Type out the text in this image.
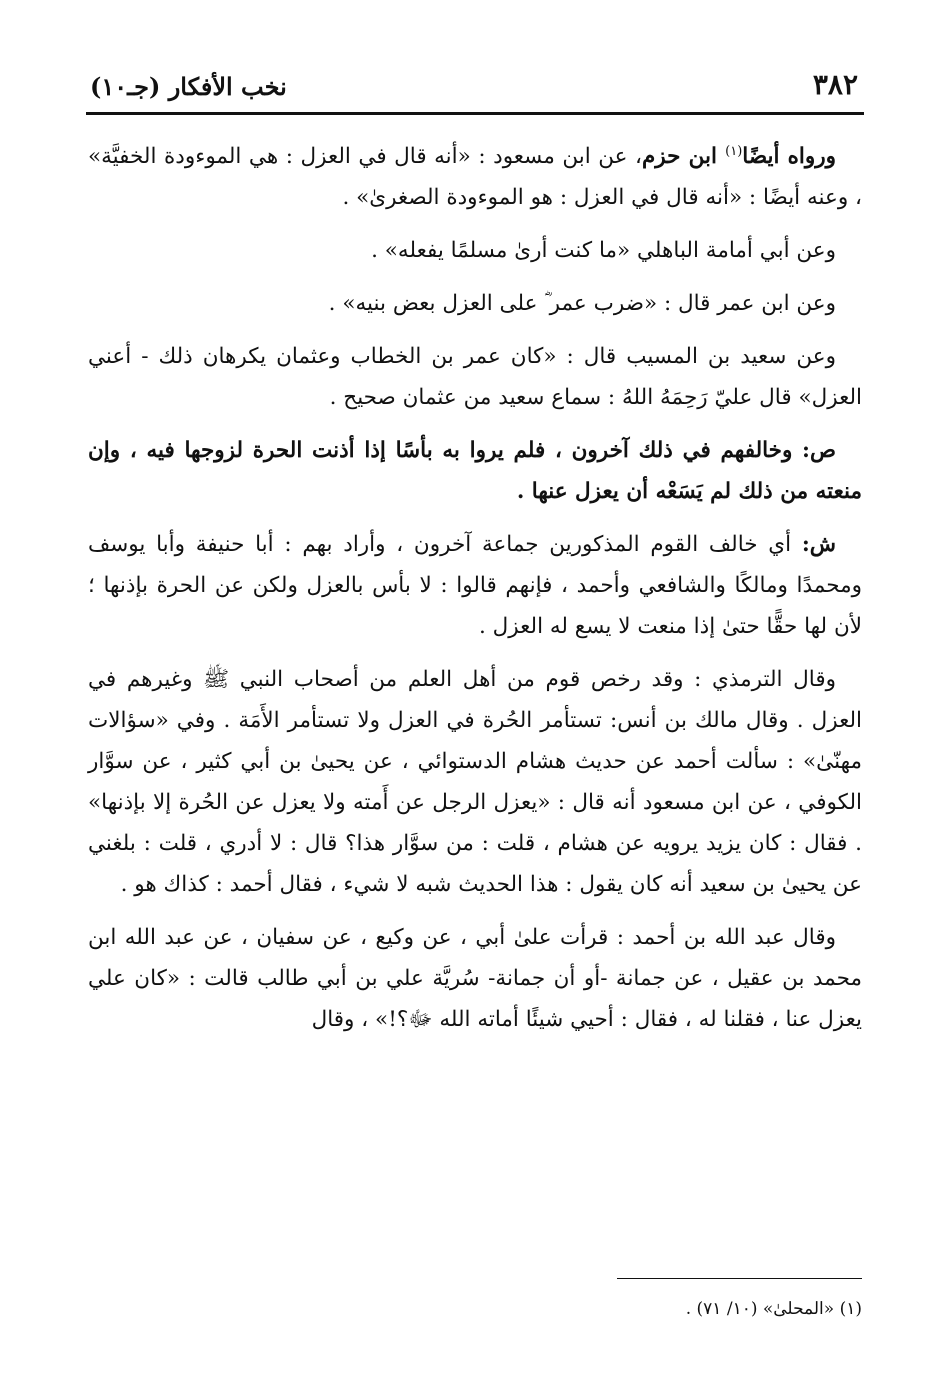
٣٨٢
نخب الأفكار (جـ١٠)

ورواه أيضًا$^{(١)}$ ابن حزم، عن ابن مسعود : «أنه قال في العزل : هي الموءودة الخفيَّة» ، وعنه أيضًا : «أنه قال في العزل : هو الموءودة الصغرىٰ» .

وعن أبي أمامة الباهلي «ما كنت أرىٰ مسلمًا يفعله» .

وعن ابن عمر قال : «ضرب عمر ؓ على العزل بعض بنيه» .

وعن سعيد بن المسيب قال : «كان عمر بن الخطاب وعثمان يكرهان ذلك - أعني العزل» قال عليّ رَحِمَهُ اللهُ : سماع سعيد من عثمان صحيح .

ص: وخالفهم في ذلك آخرون ، فلم يروا به بأسًا إذا أذنت الحرة لزوجها فيه ، وإن منعته من ذلك لم يَسَعْه أن يعزل عنها .

ش: أي خالف القوم المذكورين جماعة آخرون ، وأراد بهم : أبا حنيفة وأبا يوسف ومحمدًا ومالكًا والشافعي وأحمد ، فإنهم قالوا : لا بأس بالعزل ولكن عن الحرة بإذنها ؛ لأن لها حقًّا حتىٰ إذا منعت لا يسع له العزل .

وقال الترمذي : وقد رخص قوم من أهل العلم من أصحاب النبي ﷺ وغيرهم في العزل . وقال مالك بن أنس: تستأمر الحُرة في العزل ولا تستأمر الأَمَة . وفي «سؤالات مهنّىٰ» : سألت أحمد عن حديث هشام الدستوائي ، عن يحيىٰ بن أبي كثير ، عن سوَّار الكوفي ، عن ابن مسعود أنه قال : «يعزل الرجل عن أَمته ولا يعزل عن الحُرة إلا بإذنها» . فقال : كان يزيد يرويه عن هشام ، قلت : من سوَّار هذا؟ قال : لا أدري ، قلت : بلغني عن يحيىٰ بن سعيد أنه كان يقول : هذا الحديث شبه لا شيء ، فقال أحمد : كذاك هو .

وقال عبد الله بن أحمد : قرأت علىٰ أبي ، عن وكيع ، عن سفيان ، عن عبد الله ابن محمد بن عقيل ، عن جمانة -أو أن جمانة- سُريَّة علي بن أبي طالب قالت : «كان علي يعزل عنا ، فقلنا له ، فقال : أحيي شيئًا أماته الله ﷻ؟!» ، وقال

(١) «المحلىٰ» (١٠/ ٧١) .
